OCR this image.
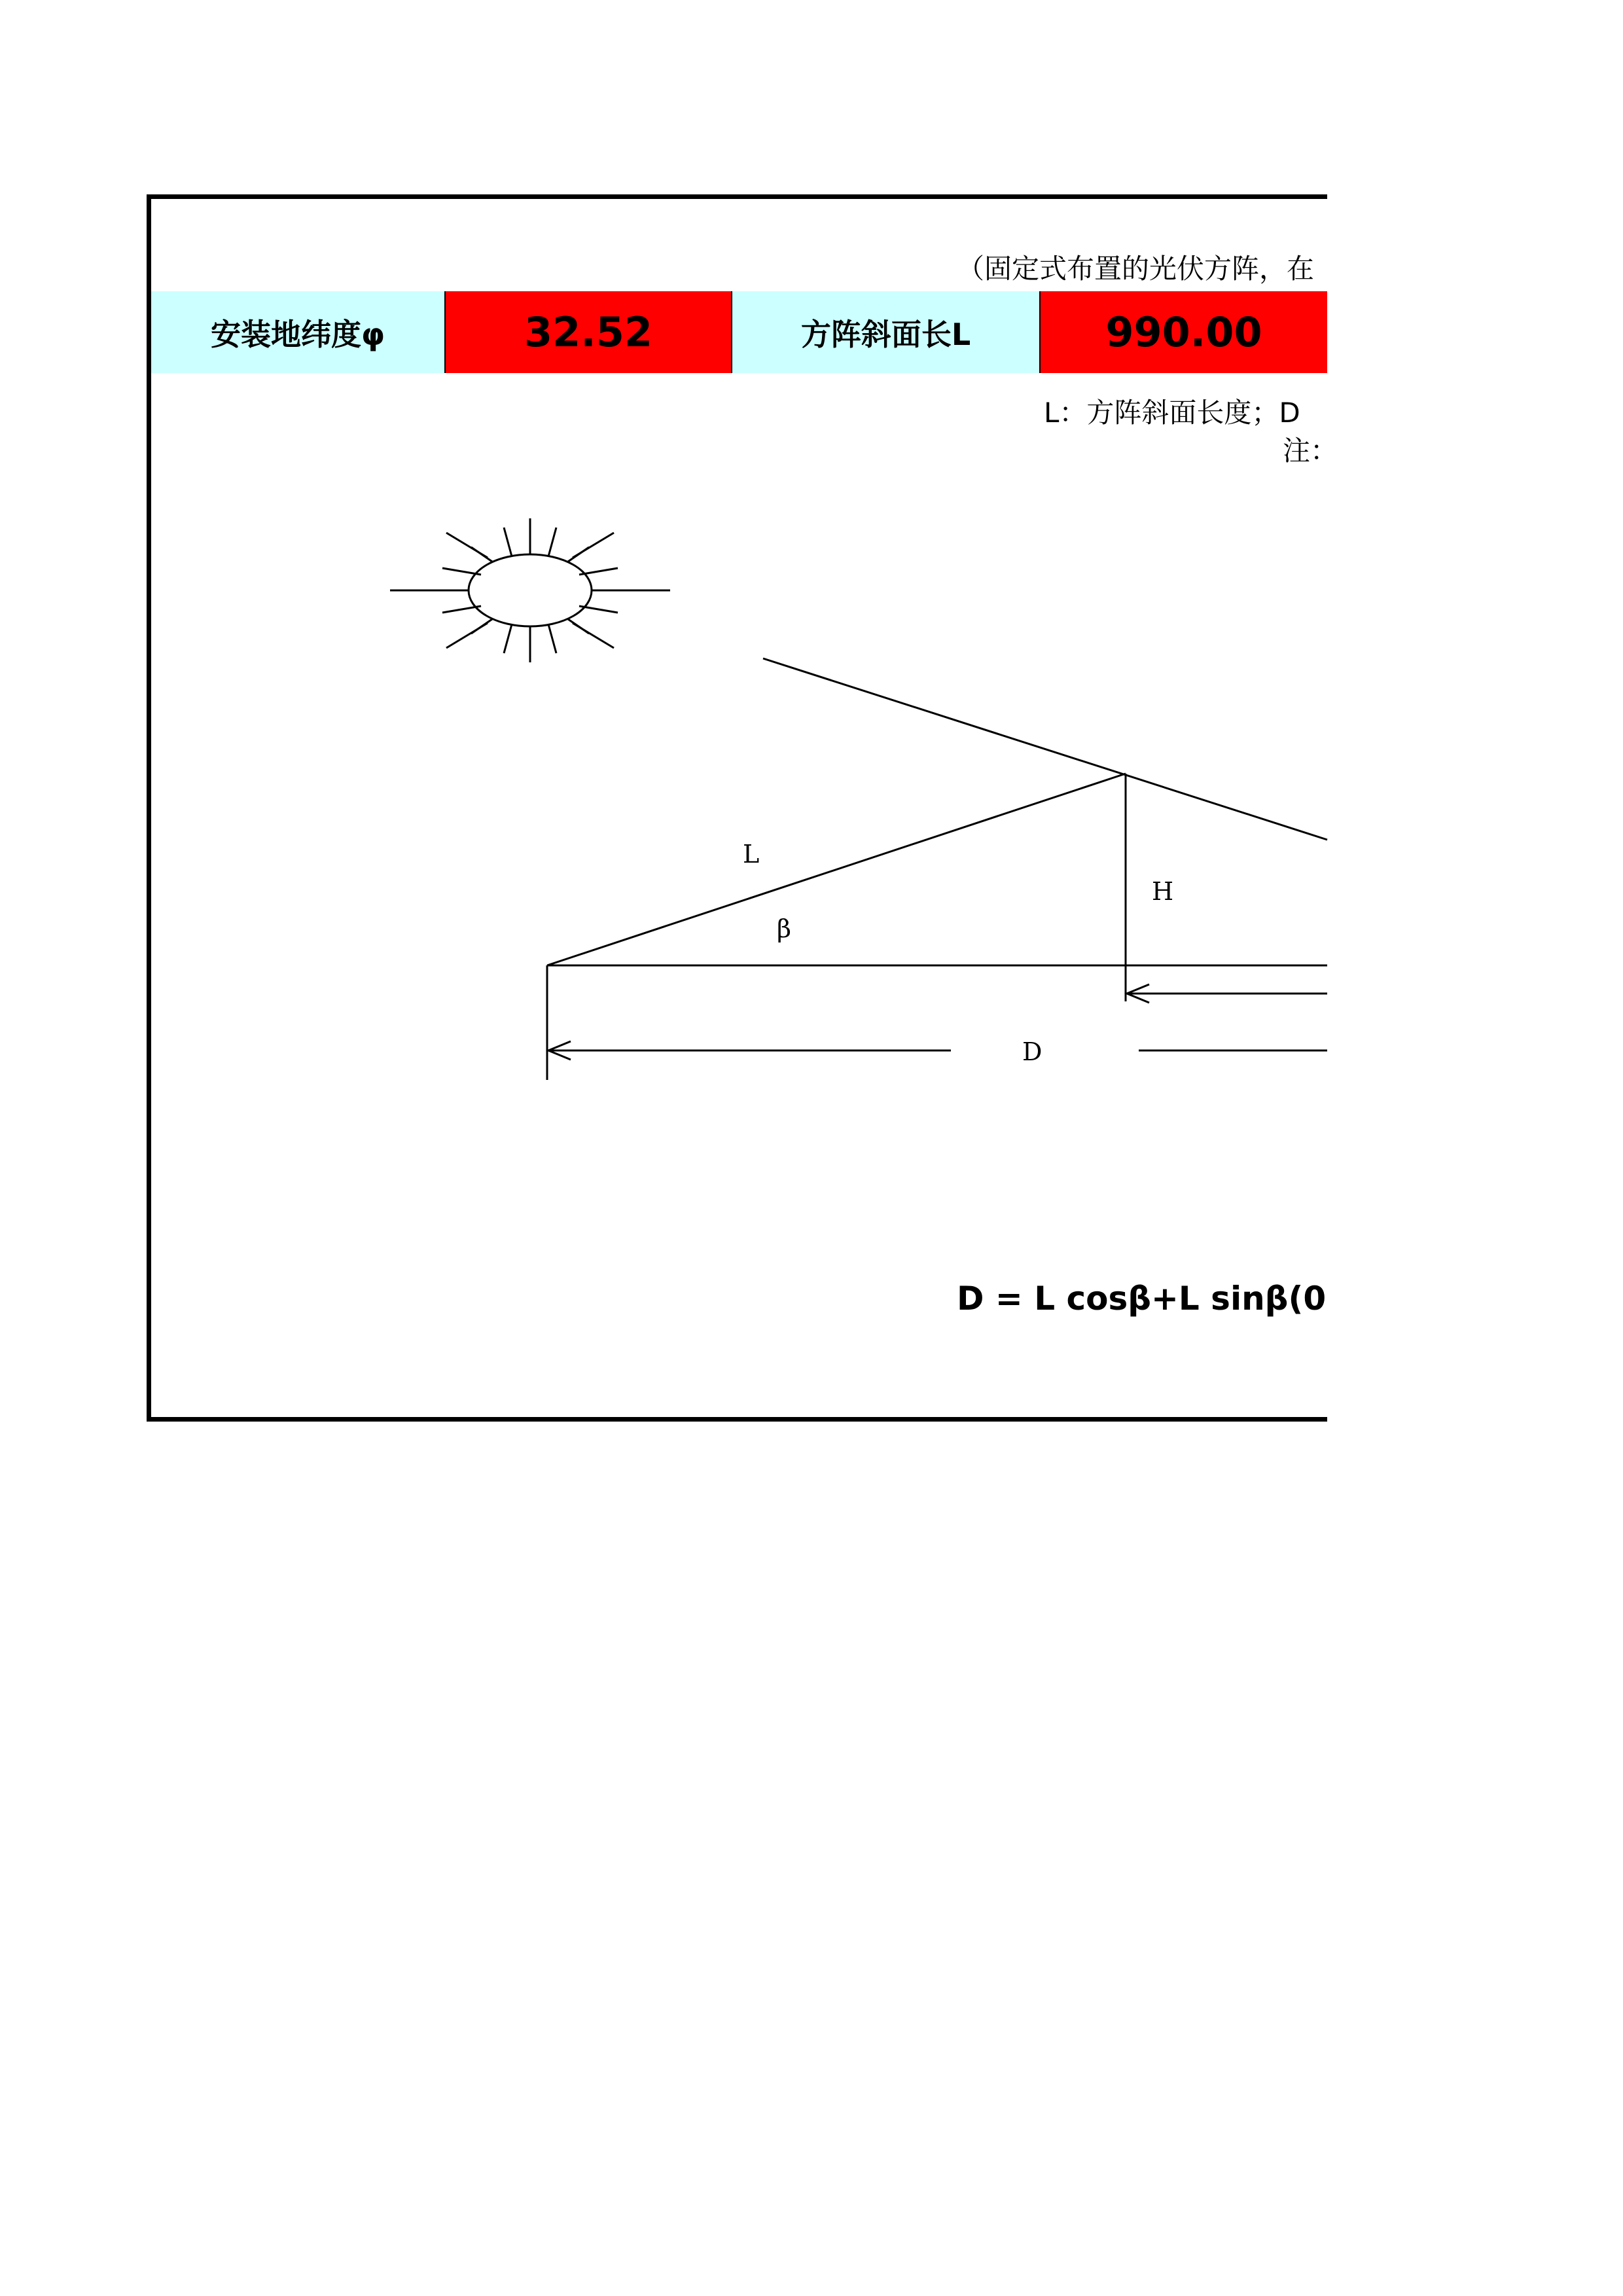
（固定式布置的光伏方阵，在
安装地纬度φ	32.52	方阵斜面长L	990.00
L：方阵斜面长度；D
注：
L
β
H
D
D = L cosβ+L sinβ(0
